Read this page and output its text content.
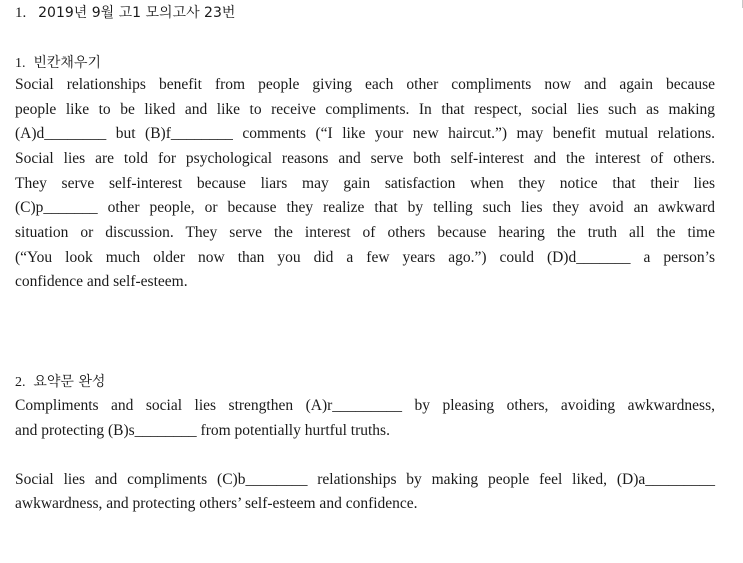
1. 2019년 9월 고1 모의고사 23번
1. 빈칸채우기
Social relationships benefit from people giving each other compliments now and again because
people like to be liked and like to receive compliments. In that respect, social lies such as making
(A)d________ but (B)f________ comments (“I like your new haircut.”) may benefit mutual relations.
Social lies are told for psychological reasons and serve both self-interest and the interest of others.
They serve self-interest because liars may gain satisfaction when they notice that their lies
(C)p_______ other people, or because they realize that by telling such lies they avoid an awkward
situation or discussion. They serve the interest of others because hearing the truth all the time
(“You look much older now than you did a few years ago.”) could (D)d_______ a person’s
confidence and self-esteem.
2. 요약문 완성
Compliments and social lies strengthen (A)r_________ by pleasing others, avoiding awkwardness,
and protecting (B)s________ from potentially hurtful truths.
Social lies and compliments (C)b________ relationships by making people feel liked, (D)a_________
awkwardness, and protecting others’ self-esteem and confidence.
